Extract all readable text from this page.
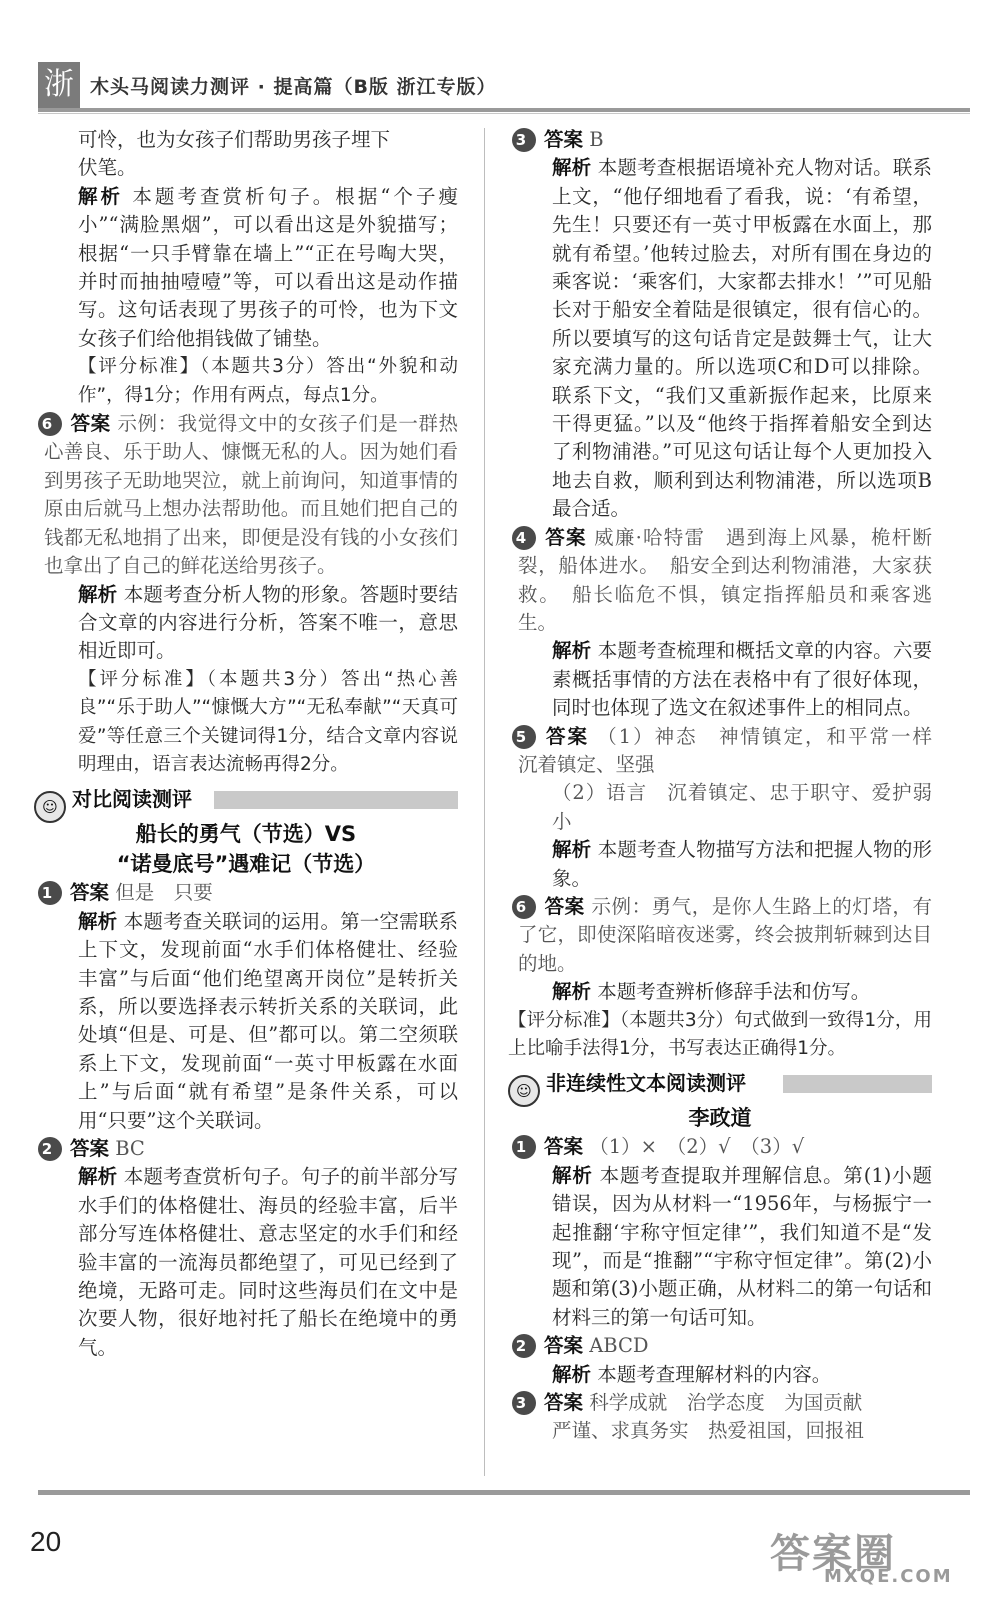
浙 木头马阅读力测评 · 提高篇（B版 浙江专版）

可怜，也为女孩子们帮助男孩子埋下

伏笔。

解析 本题考查赏析句子。根据“个子瘦小”“满脸黑烟”，可以看出这是外貌描写；根据“一只手臂靠在墙上”“正在号啕大哭，并时而抽抽噎噎”等，可以看出这是动作描写。这句话表现了男孩子的可怜，也为下文女孩子们给他捐钱做了铺垫。

【评分标准】（本题共3分）答出“外貌和动作”，得1分；作用有两点，每点1分。

6 答案 示例：我觉得文中的女孩子们是一群热心善良、乐于助人、慷慨无私的人。因为她们看到男孩子无助地哭泣，就上前询问，知道事情的原由后就马上想办法帮助他。而且她们把自己的钱都无私地捐了出来，即便是没有钱的小女孩们也拿出了自己的鲜花送给男孩子。

解析 本题考查分析人物的形象。答题时要结合文章的内容进行分析，答案不唯一，意思相近即可。

【评分标准】（本题共3分）答出“热心善良”“乐于助人”“慷慨大方”“无私奉献”“天真可爱”等任意三个关键词得1分，结合文章内容说明理由，语言表达流畅再得2分。

☺ 对比阅读测评

船长的勇气（节选）VS

“诺曼底号”遇难记（节选）

1 答案 但是　只要

解析 本题考查关联词的运用。第一空需联系上下文，发现前面“水手们体格健壮、经验丰富”与后面“他们绝望离开岗位”是转折关系，所以要选择表示转折关系的关联词，此处填“但是、可是、但”都可以。第二空须联系上下文，发现前面“一英寸甲板露在水面上”与后面“就有希望”是条件关系，可以用“只要”这个关联词。

2 答案 BC

解析 本题考查赏析句子。句子的前半部分写水手们的体格健壮、海员的经验丰富，后半部分写连体格健壮、意志坚定的水手们和经验丰富的一流海员都绝望了，可见已经到了绝境，无路可走。同时这些海员们在文中是次要人物，很好地衬托了船长在绝境中的勇气。

3 答案 B

解析 本题考查根据语境补充人物对话。联系上文，“他仔细地看了看我，说：‘有希望，先生！只要还有一英寸甲板露在水面上，那就有希望。’他转过脸去，对所有围在身边的乘客说：‘乘客们，大家都去排水！’”可见船长对于船安全着陆是很镇定，很有信心的。所以要填写的这句话肯定是鼓舞士气，让大家充满力量的。所以选项C和D可以排除。联系下文，“我们又重新振作起来，比原来干得更猛。”以及“他终于指挥着船安全到达了利物浦港。”可见这句话让每个人更加投入地去自救，顺利到达利物浦港，所以选项B最合适。

4 答案 威廉·哈特雷　遇到海上风暴，桅杆断裂，船体进水。　船安全到达利物浦港，大家获救。　船长临危不惧，镇定指挥船员和乘客逃生。

解析 本题考查梳理和概括文章的内容。六要素概括事情的方法在表格中有了很好体现，同时也体现了选文在叙述事件上的相同点。

5 答案 （1）神态　神情镇定，和平常一样　沉着镇定、坚强

（2）语言　沉着镇定、忠于职守、爱护弱小

解析 本题考查人物描写方法和把握人物的形象。

6 答案 示例：勇气，是你人生路上的灯塔，有了它，即使深陷暗夜迷雾，终会披荆斩棘到达目的地。

解析 本题考查辨析修辞手法和仿写。

【评分标准】（本题共3分）句式做到一致得1分，用上比喻手法得1分，书写表达正确得1分。

☺ 非连续性文本阅读测评

李政道

1 答案 （1）×　（2）√　（3）√

解析 本题考查提取并理解信息。第(1)小题错误，因为从材料一“1956年，与杨振宁一起推翻‘宇称守恒定律’”，我们知道不是“发现”，而是“推翻”“宇称守恒定律”。第(2)小题和第(3)小题正确，从材料二的第一句话和材料三的第一句话可知。

2 答案 ABCD

解析 本题考查理解材料的内容。

3 答案 科学成就　治学态度　为国贡献

严谨、求真务实　热爱祖国，回报祖

20	答案圈
MXQE.COM
